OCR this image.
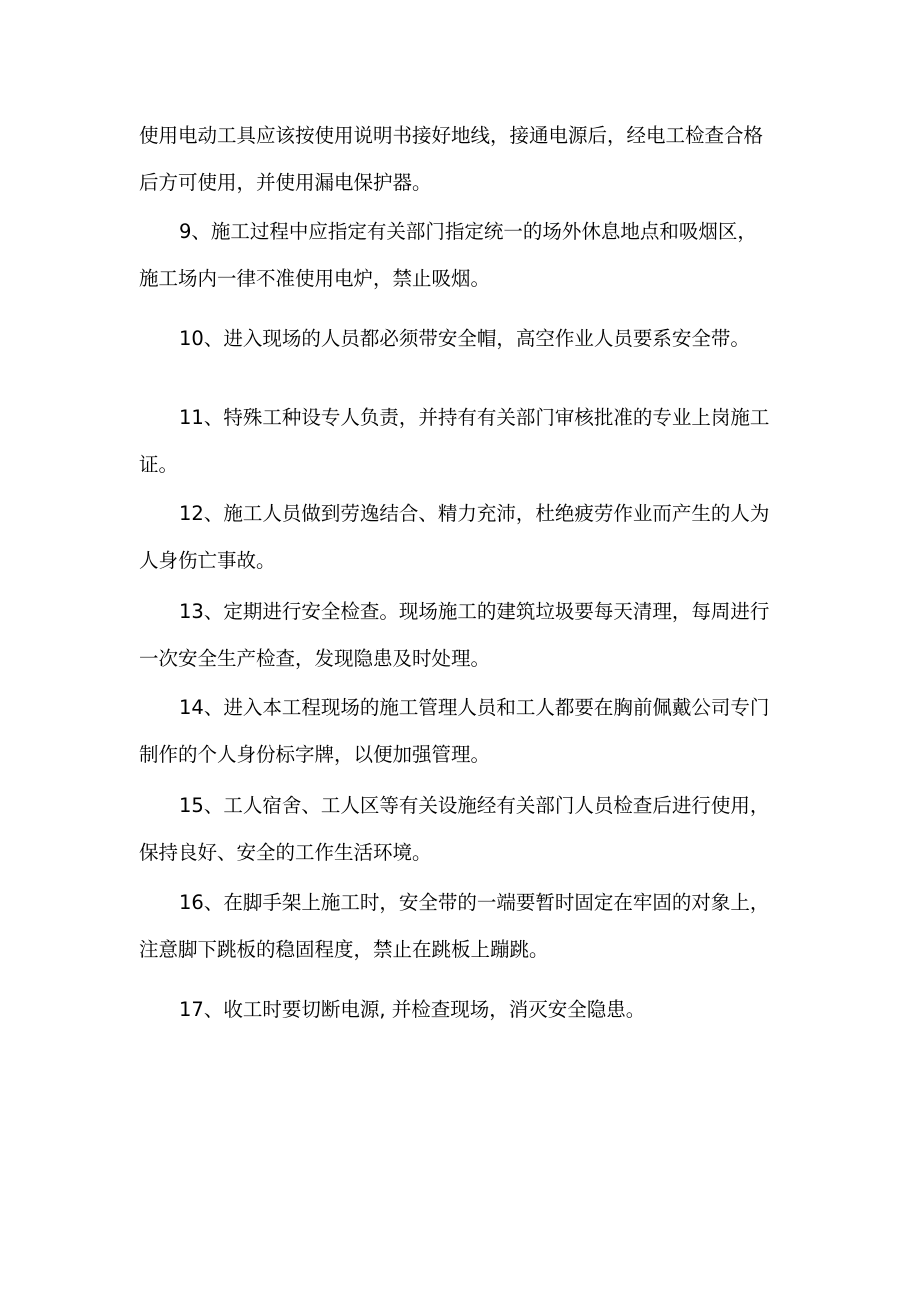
使用电动工具应该按使用说明书接好地线，接通电源后，经电工检查合格
后方可使用，并使用漏电保护器。
9、施工过程中应指定有关部门指定统一的场外休息地点和吸烟区，
施工场内一律不准使用电炉，禁止吸烟。
10、进入现场的人员都必须带安全帽，高空作业人员要系安全带。
11、特殊工种设专人负责，并持有有关部门审核批准的专业上岗施工
证。
12、施工人员做到劳逸结合、精力充沛，杜绝疲劳作业而产生的人为
人身伤亡事故。
13、定期进行安全检查。现场施工的建筑垃圾要每天清理，每周进行
一次安全生产检查，发现隐患及时处理。
14、进入本工程现场的施工管理人员和工人都要在胸前佩戴公司专门
制作的个人身份标字牌，以便加强管理。
15、工人宿舍、工人区等有关设施经有关部门人员检查后进行使用，
保持良好、安全的工作生活环境。
16、在脚手架上施工时，安全带的一端要暂时固定在牢固的对象上，
注意脚下跳板的稳固程度，禁止在跳板上蹦跳。
17、收工时要切断电源, 并检查现场，消灭安全隐患。
